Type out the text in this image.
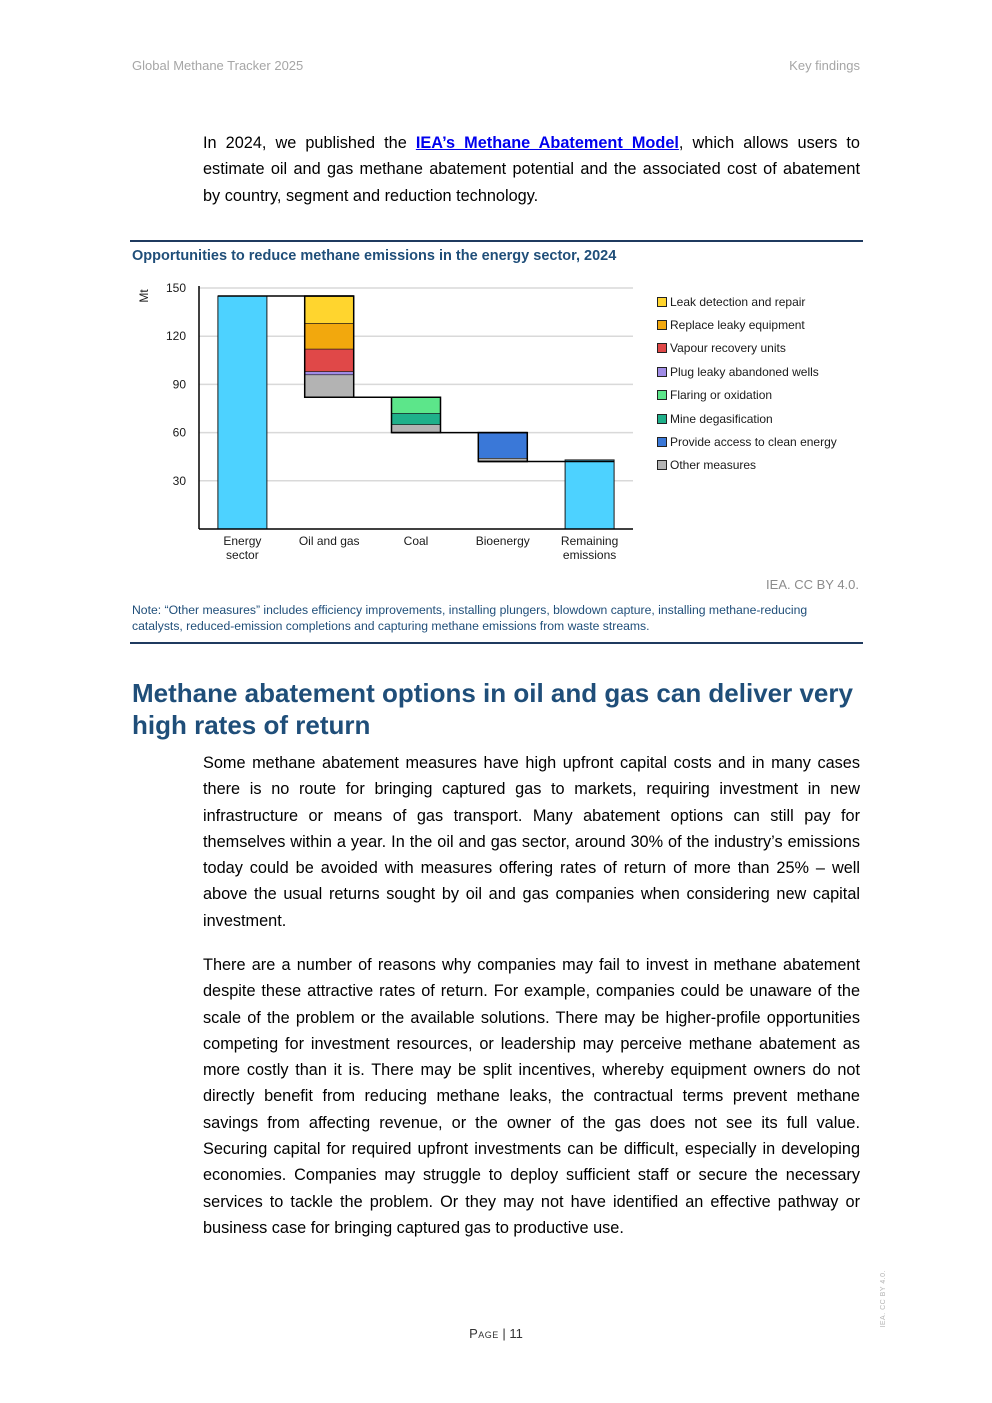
Global Methane Tracker 2025	Key findings

In 2024, we published the IEA’s Methane Abatement Model, which allows users to estimate oil and gas methane abatement potential and the associated cost of abatement by country, segment and reduction technology.

Opportunities to reduce methane emissions in the energy sector, 2024
30
60
90
120
150
Mt
Energy sector
Oil and gas	Coal	Bioenergy	Remaining emissions
Leak detection and repair
Replace leaky equipment
Vapour recovery units
Plug leaky abandoned wells
Flaring or oxidation
Mine degasification
Provide access to clean energy
Other measures
IEA. CC BY 4.0.
Note: “Other measures” includes efficiency improvements, installing plungers, blowdown capture, installing methane-reducing catalysts, reduced-emission completions and capturing methane emissions from waste streams.
Methane abatement options in oil and gas can deliver very high rates of return

Some methane abatement measures have high upfront capital costs and in many cases there is no route for bringing captured gas to markets, requiring investment in new infrastructure or means of gas transport. Many abatement options can still pay for themselves within a year. In the oil and gas sector, around 30% of the industry’s emissions today could be avoided with measures offering rates of return of more than 25% – well above the usual returns sought by oil and gas companies when considering new capital investment.

There are a number of reasons why companies may fail to invest in methane abatement despite these attractive rates of return. For example, companies could be unaware of the scale of the problem or the available solutions. There may be higher-profile opportunities competing for investment resources, or leadership may perceive methane abatement as more costly than it is. There may be split incentives, whereby equipment owners do not directly benefit from reducing methane leaks, the contractual terms prevent methane savings from affecting revenue, or the owner of the gas does not see its full value. Securing capital for required upfront investments can be difficult, especially in developing economies. Companies may struggle to deploy sufficient staff or secure the necessary services to tackle the problem. Or they may not have identified an effective pathway or business case for bringing captured gas to productive use.

Page | 11
IEA. CC BY 4.0.
